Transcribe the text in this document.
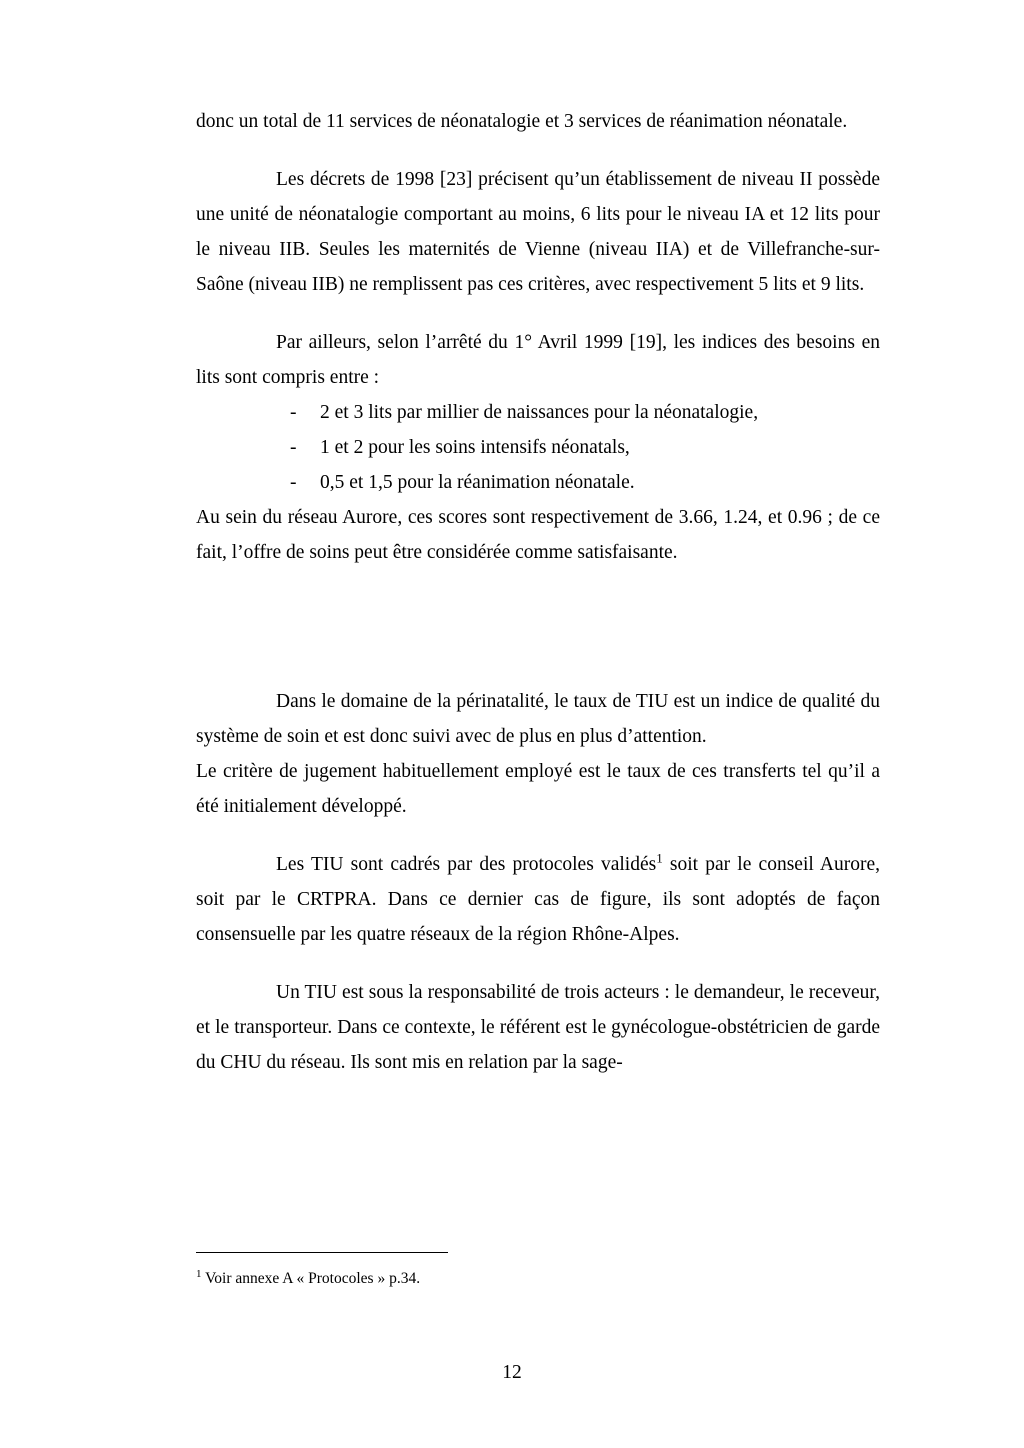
donc un total de 11 services de néonatalogie et 3 services de réanimation néonatale.

Les décrets de 1998 [23] précisent qu’un établissement de niveau II possède une unité de néonatalogie comportant au moins, 6 lits pour le niveau IA et 12 lits pour le niveau IIB. Seules les maternités de Vienne (niveau IIA) et de Villefranche-sur-Saône (niveau IIB) ne remplissent pas ces critères, avec respectivement 5 lits et 9 lits.

Par ailleurs, selon l’arrêté du 1° Avril 1999 [19], les indices des besoins en lits sont compris entre :

-	2 et 3 lits par millier de naissances pour la néonatalogie,
-	1 et 2 pour les soins intensifs néonatals,
-	0,5 et 1,5 pour la réanimation néonatale.

Au sein du réseau Aurore, ces scores sont respectivement de 3.66, 1.24, et 0.96 ; de ce fait, l’offre de soins peut être considérée comme satisfaisante.

Dans le domaine de la périnatalité, le taux de TIU est un indice de qualité du système de soin et est donc suivi avec de plus en plus d’attention.

Le critère de jugement habituellement employé est le taux de ces transferts tel qu’il a été initialement développé.

Les TIU sont cadrés par des protocoles validés$^1$ soit par le conseil Aurore, soit par le CRTPRA. Dans ce dernier cas de figure, ils sont adoptés de façon consensuelle par les quatre réseaux de la région Rhône-Alpes.

Un TIU est sous la responsabilité de trois acteurs : le demandeur, le receveur, et le transporteur. Dans ce contexte, le référent est le gynécologue-obstétricien de garde du CHU du réseau. Ils sont mis en relation par la sage-

$^1$ Voir annexe A « Protocoles » p.34.
12
